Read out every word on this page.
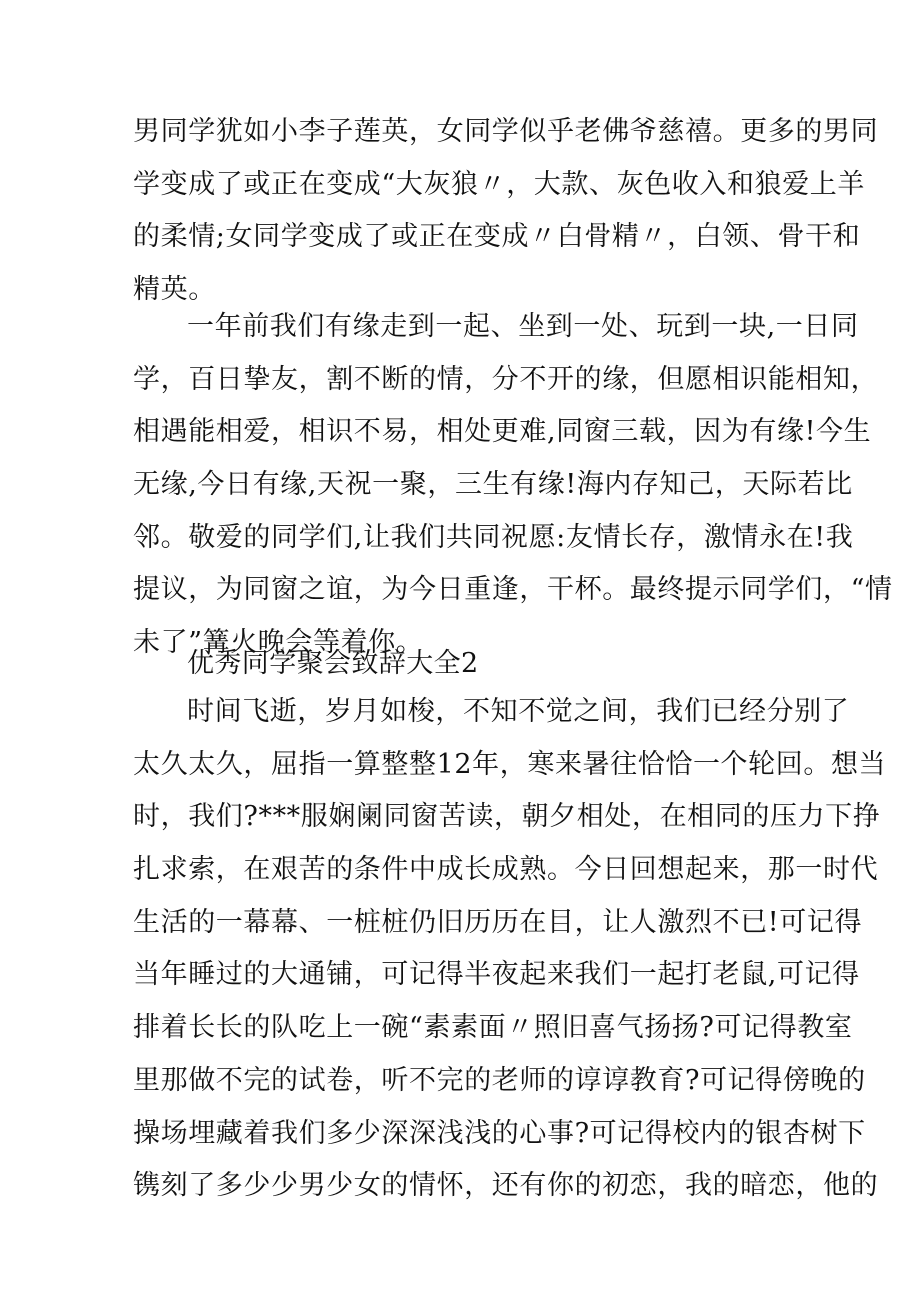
男同学犹如小李子莲英，女同学似乎老佛爷慈禧。更多的男同
学变成了或正在变成“大灰狼〃，大款、灰色收入和狼爱上羊
的柔情;女同学变成了或正在变成〃白骨精〃，白领、骨干和
精英。
一年前我们有缘走到一起、坐到一处、玩到一块,一日同
学，百日挚友，割不断的情，分不开的缘，但愿相识能相知，
相遇能相爱，相识不易，相处更难,同窗三载，因为有缘!今生
无缘,今日有缘,天祝一聚，三生有缘!海内存知己，天际若比
邻。敬爱的同学们,让我们共同祝愿:友情长存，激情永在!我
提议，为同窗之谊，为今日重逢，干杯。最终提示同学们，“情
未了”篝火晚会等着你。
优秀同学聚会致辞大全2
时间飞逝，岁月如梭，不知不觉之间，我们已经分别了
太久太久，屈指一算整整12年，寒来暑往恰恰一个轮回。想当
时，我们?***服娴阑同窗苦读，朝夕相处，在相同的压力下挣
扎求索，在艰苦的条件中成长成熟。今日回想起来，那一时代
生活的一幕幕、一桩桩仍旧历历在目，让人激烈不已!可记得
当年睡过的大通铺，可记得半夜起来我们一起打老鼠,可记得
排着长长的队吃上一碗“素素面〃照旧喜气扬扬?可记得教室
里那做不完的试卷，听不完的老师的谆谆教育?可记得傍晚的
操场埋藏着我们多少深深浅浅的心事?可记得校内的银杏树下
镌刻了多少少男少女的情怀，还有你的初恋，我的暗恋，他的
